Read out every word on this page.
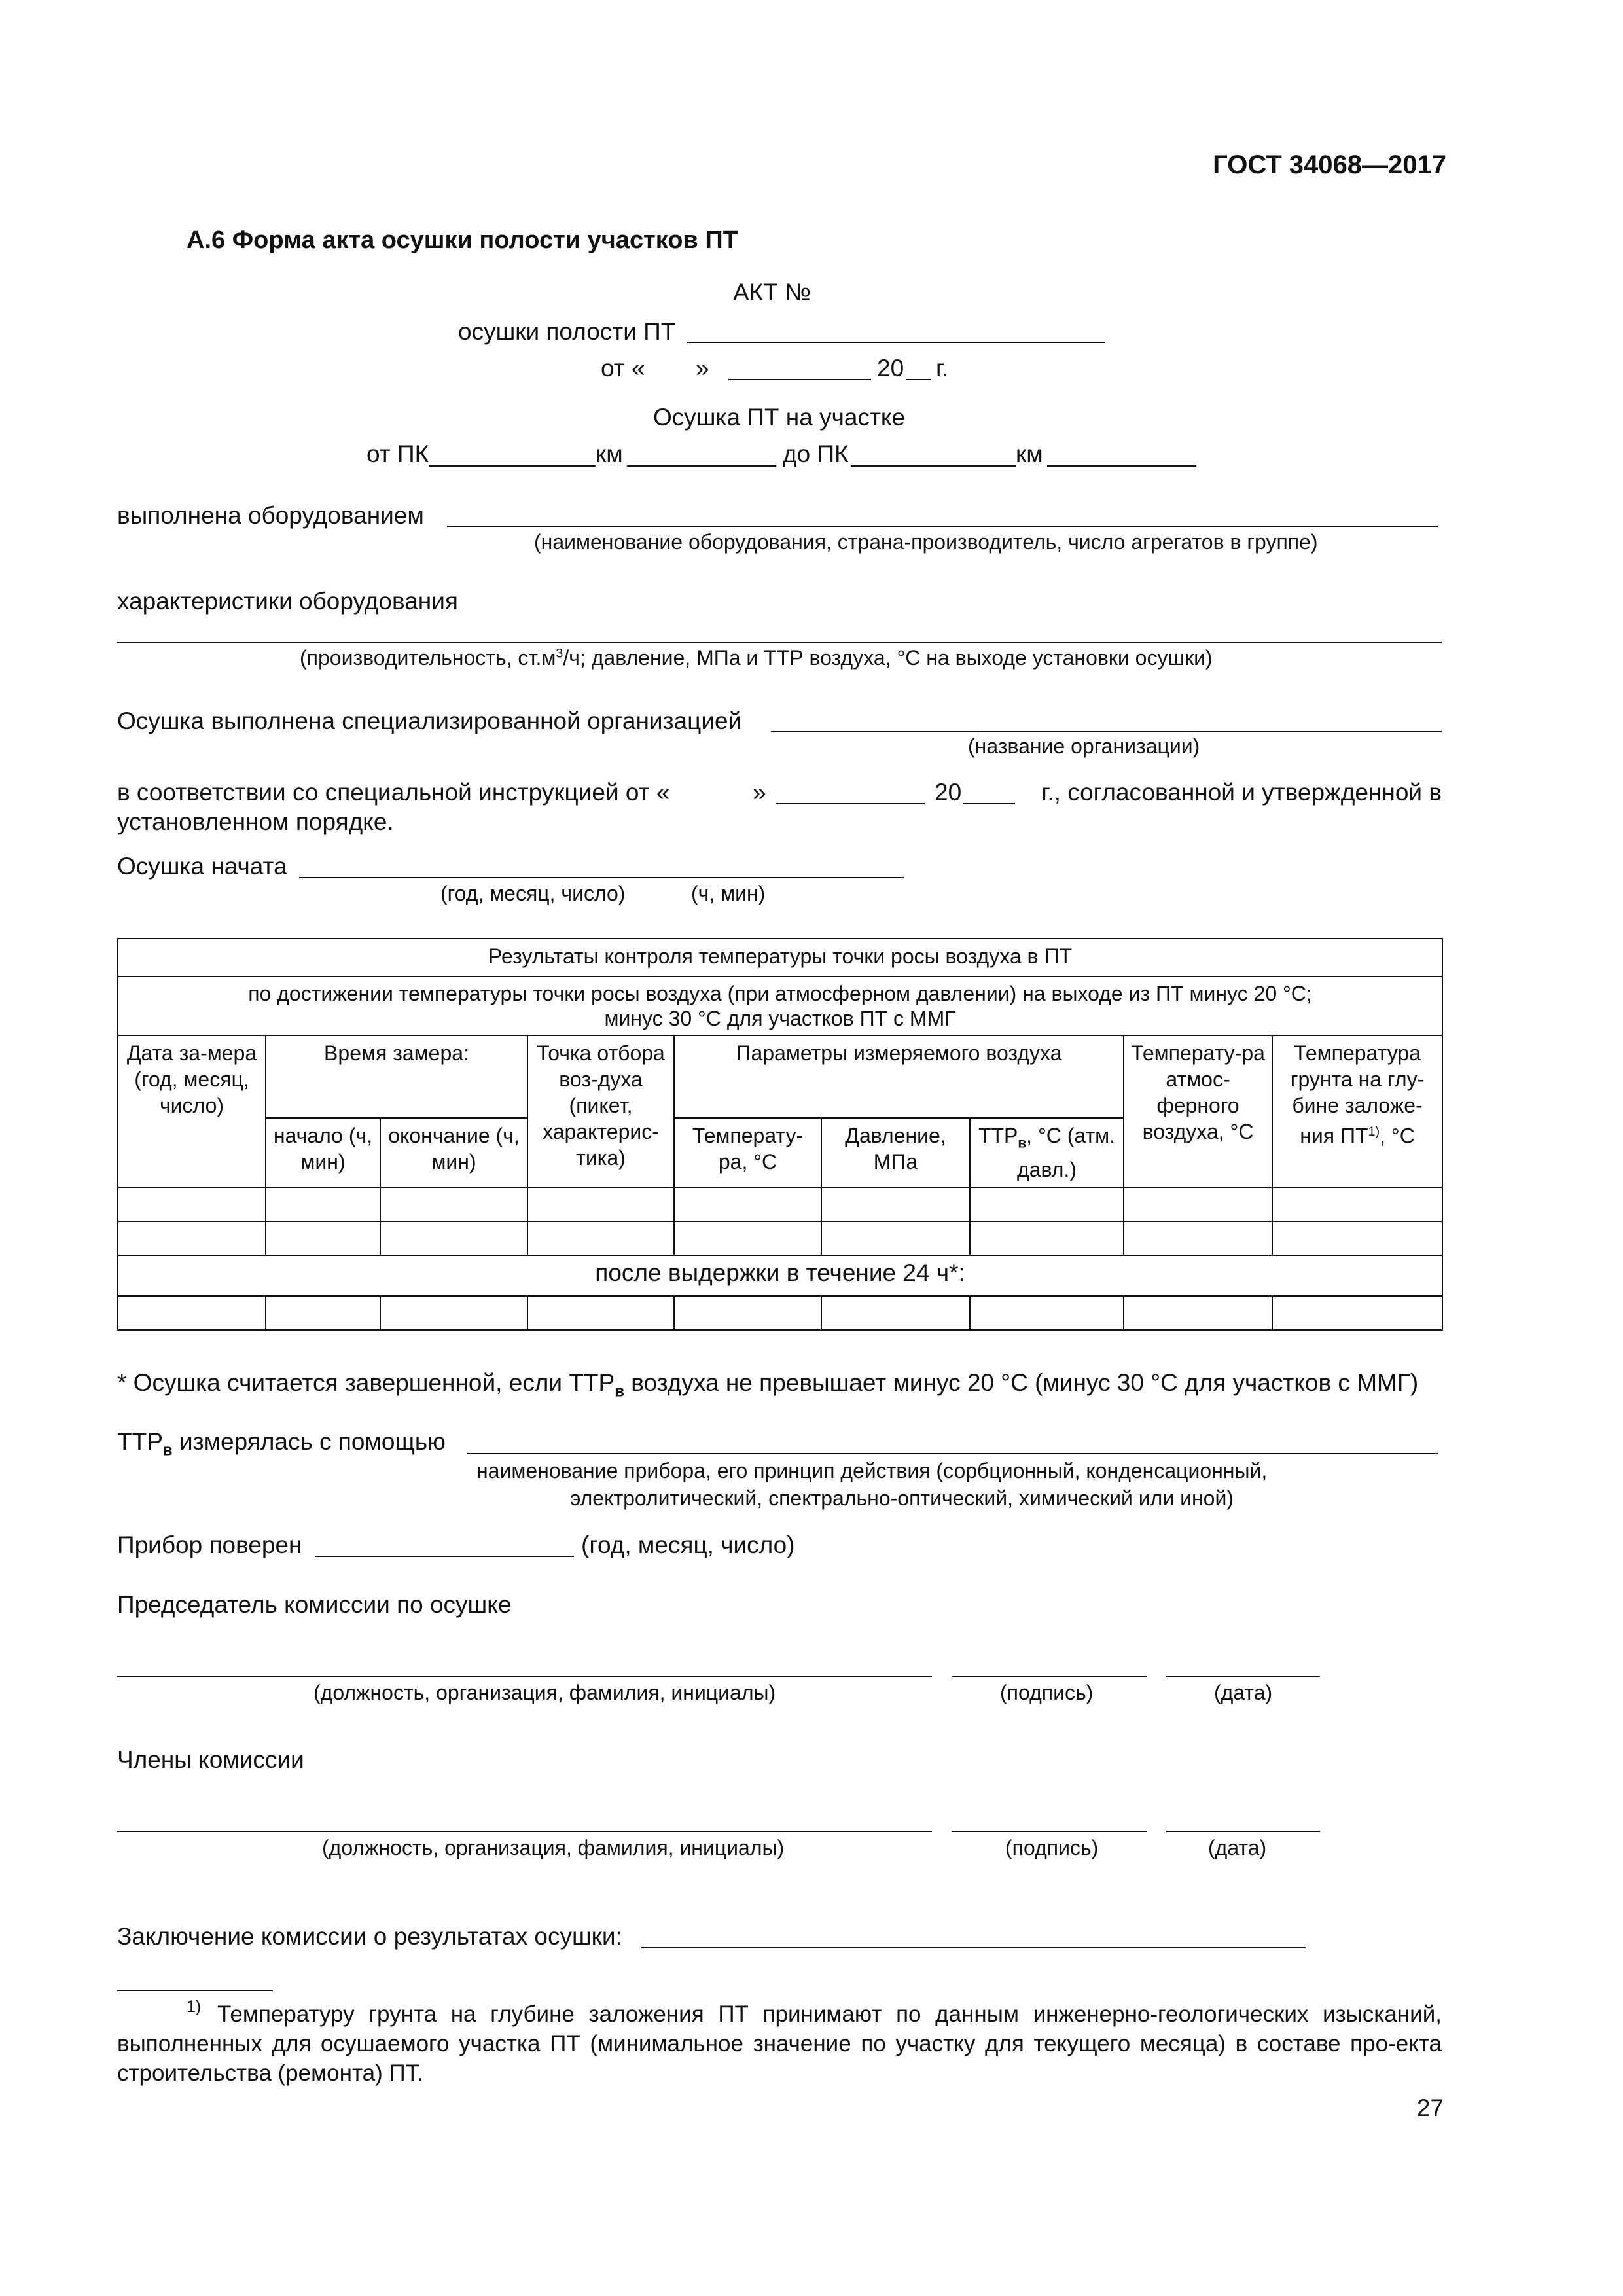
ГОСТ 34068—2017
А.6 Форма акта осушки полости участков ПТ
АКТ №
осушки полости ПТ
от « »	20 г.
Осушка ПТ на участке
от ПК	км	до ПК	км
выполнена оборудованием
(наименование оборудования, страна-производитель, число агрегатов в группе)
характеристики оборудования
(производительность, $ст.м^3/ч$; давление, МПа и ТТР воздуха, °С на выходе установки осушки)
Осушка выполнена специализированной организацией
(название организации)
в соответствии со специальной инструкцией от «	»	20	г., согласованной и утвержденной в
установленном порядке.
Осушка начата
(год, месяц, число)	(ч, мин)
Результаты контроля температуры точки росы воздуха в ПТ								

по достижении температуры точки росы воздуха (при атмосферном давлении) на выходе из ПТ минус 20 °С;
минус 30 °С для участков ПТ с ММГ								

Дата за-мера (год, месяц, число)	Время замера:		Точка отбора воз-духа (пикет, характерис-тика)	Параметры измеряемого воздуха			Температу-ра атмос-ферного воздуха, °С	Температура грунта на глу-бине заложе-ния ПТ$^{1)}$, °С
	начало (ч, мин)	окончание (ч, мин)		Температу-ра, °С	Давление, МПа	$ТТР_в$, °С (атм. давл.)		

после выдержки в течение 24 ч*:								

* Осушка считается завершенной, если $ТТР_в$ воздуха не превышает минус 20 °С (минус 30 °С для участков с ММГ)
$ТТР_в$ измерялась с помощью
наименование прибора, его принцип действия (сорбционный, конденсационный,
электролитический, спектрально-оптический, химический или иной)
Прибор поверен	(год, месяц, число)
Председатель комиссии по осушке
(должность, организация, фамилия, инициалы)	(подпись)	(дата)
Члены комиссии
(должность, организация, фамилия, инициалы)	(подпись)	(дата)
Заключение комиссии о результатах осушки:
1) Температуру грунта на глубине заложения ПТ принимают по данным инженерно-геологических изысканий, выполненных для осушаемого участка ПТ (минимальное значение по участку для текущего месяца) в составе про-екта строительства (ремонта) ПТ.
27
